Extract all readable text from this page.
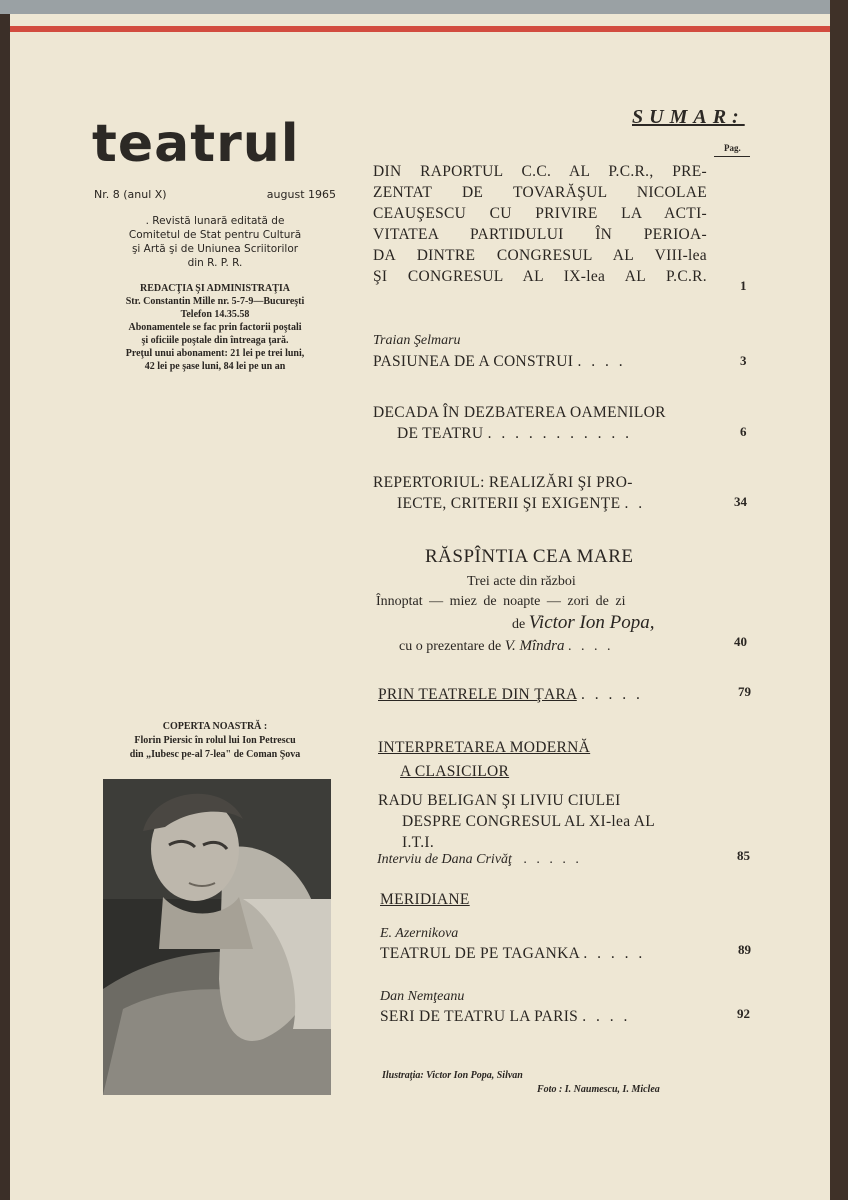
teatrul
Nr. 8 (anul X)	august 1965
. Revistă lunară editată de
Comitetul de Stat pentru Cultură
şi Artă şi de Uniunea Scriitorilor
din R. P. R.
REDACŢIA ŞI ADMINISTRAŢIA
Str. Constantin Mille nr. 5-7-9—Bucureşti
Telefon 14.35.58
Abonamentele se fac prin factorii poştali
şi oficiile poştale din întreaga ţară.
Preţul unui abonament: 21 lei pe trei luni,
42 lei pe şase luni, 84 lei pe un an
COPERTA NOASTRĂ :
Florin Piersic în rolul lui Ion Petrescu
din „Iubesc pe-al 7-lea" de Coman Şova
Ilustraţia: Victor Ion Popa, Silvan
Foto : I. Naumescu, I. Miclea
SUMAR:
Pag.
DIN RAPORTUL C.C. AL P.C.R., PRE-
ZENTAT DE TOVARĂŞUL NICOLAE
CEAUŞESCU CU PRIVIRE LA ACTI-
VITATEA PARTIDULUI ÎN PERIOA-
DA DINTRE CONGRESUL AL VIII-lea
ŞI CONGRESUL AL IX-lea AL P.C.R.
1
Traian Şelmaru
PASIUNEA DE A CONSTRUI . . . .	3
DECADA ÎN DEZBATEREA OAMENILOR
DE TEATRU . . . . . . . . . . .	6
REPERTORIUL: REALIZĂRI ŞI PRO-
IECTE, CRITERII ŞI EXIGENŢE . .	34
RĂSPÎNTIA CEA MARE
Trei acte din război
Înnoptat — miez de noapte — zori de zi
de Victor Ion Popa,
cu o prezentare de V. Mîndra . . . .	40
PRIN TEATRELE DIN ŢARA . . . . .	79
INTERPRETAREA MODERNĂ
A CLASICILOR
RADU BELIGAN ŞI LIVIU CIULEI
DESPRE CONGRESUL AL XI-lea AL
I.T.I.
Interviu de Dana Crivăţ . . . . .	85
MERIDIANE
E. Azernikova
TEATRUL DE PE TAGANKA . . . . .	89
Dan Nemţeanu
SERI DE TEATRU LA PARIS . . . .	92
